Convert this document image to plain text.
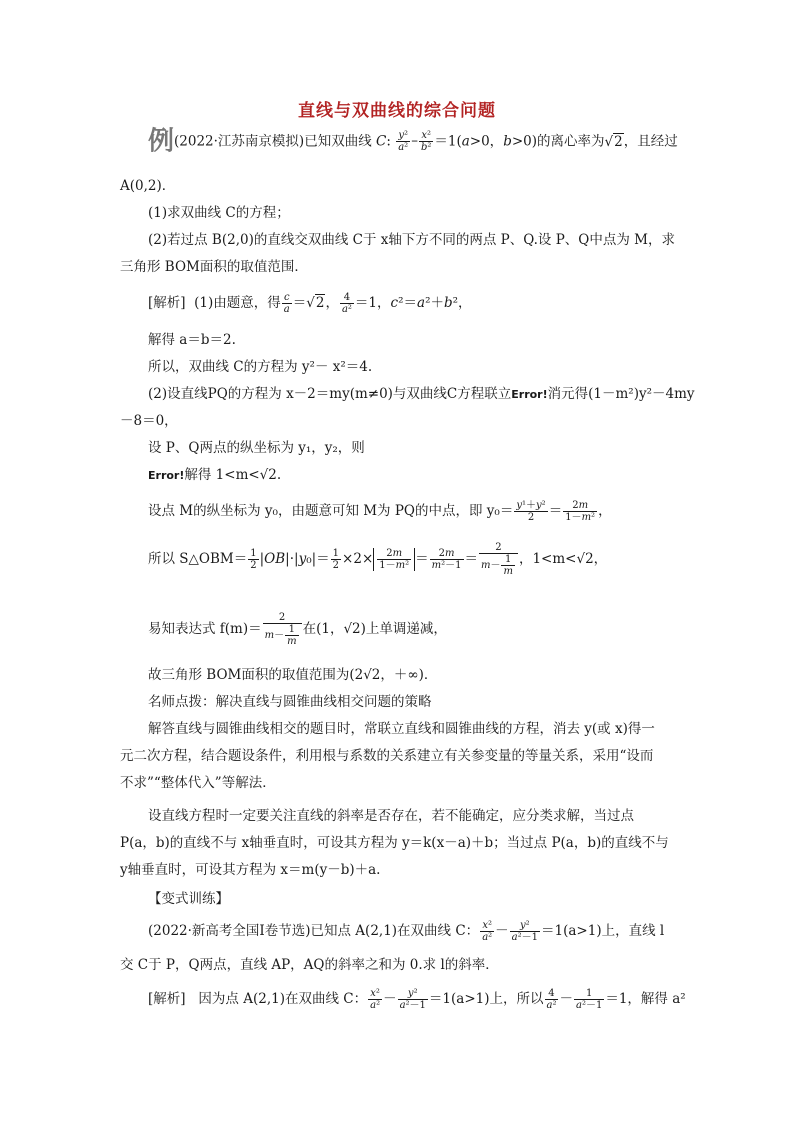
直线与双曲线的综合问题
例(2022·江苏南京模拟)已知双曲线 C: $\frac{\text{y²}}{\text{a²}} - \frac{\text{x²}}{\text{b²}} =1(a>0$，b>0)的离心率为√2，且经过
A(0,2)．
(1)求双曲线 C的方程；
(2)若过点 B(2,0)的直线交双曲线 C于 x轴下方不同的两点 P、Q.设 P、Q中点为 M，求
三角形 BOM面积的取值范围．
[解析] (1)由题意，得 $\frac{c}{a} =√2$， $\frac{4}{\text{a²}} =1$，c²＝a²＋b²，
解得 a＝b＝2.
所以，双曲线 C的方程为 y²－ x²＝4.
(2)设直线PQ的方程为 x－2＝my(m≠0)与双曲线C方程联立Error!消元得(1－m²)y²－4my
－8＝0，
设 P、Q两点的纵坐标为 y₁，y₂，则
Error!解得 1<m<√2.
设点 M的纵坐标为 y₀，由题意可知 M为 PQ的中点，即 $y_0= \frac{\text{y¹＋y²}}{2} = \frac{2m}{\text{1－m²}}$ ，
所以 S△OBM＝ $\frac{1}{2} |OB|\cdot|y_0|= \frac{1}{2} \times 2\times \frac{2m}{\text{1－m²}} = \frac{2m}{\text{m²－1}} = \frac{2}{m- \frac{1}{m}}$ ，1<m<√2，
易知表达式 $f(m)= \frac{2}{m- \frac{1}{m}}$ 在(1，√2)上单调递减，
故三角形 BOM面积的取值范围为(2√2，＋∞)．
名师点拨：解决直线与圆锥曲线相交问题的策略
解答直线与圆锥曲线相交的题目时，常联立直线和圆锥曲线的方程，消去 y(或 x)得一
元二次方程，结合题设条件，利用根与系数的关系建立有关参变量的等量关系，采用“设而
不求”“整体代入”等解法．
设直线方程时一定要关注直线的斜率是否存在，若不能确定，应分类求解，当过点
P(a，b)的直线不与 x轴垂直时，可设其方程为 y＝k(x－a)＋b；当过点 P(a，b)的直线不与
y轴垂直时，可设其方程为 x＝m(y－b)＋a.
【变式训练】
(2022·新高考全国Ⅰ卷节选)已知点 A(2,1)在双曲线 C： $\frac{\text{x²}}{\text{a²}} - \frac{\text{y²}}{\text{a²－1}} =1(a>1)$上，直线 l
交 C于 P，Q两点，直线 AP，AQ的斜率之和为 0.求 l的斜率．
[解析] 因为点 A(2,1)在双曲线 C： $\frac{\text{x²}}{\text{a²}} - \frac{\text{y²}}{\text{a²－1}} =1(a>1)$上，所以 $\frac{4}{\text{a²}} - \frac{1}{\text{a²－1}} =1$，解得 a²
